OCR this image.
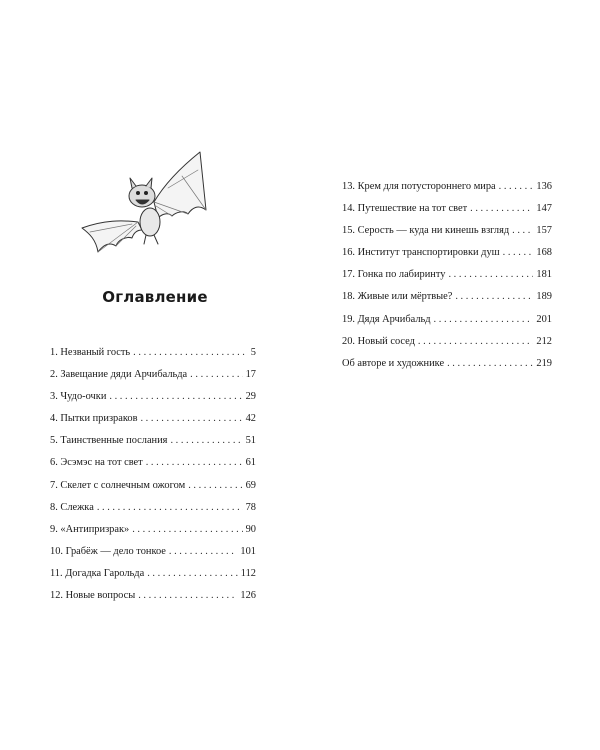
Оглавление
1. Незваный гость . . .	5
2. Завещание дяди Арчибальда . . .	17
3. Чудо-очки . . .	29
4. Пытки призраков . . .	42
5. Таинственные послания . . .	51
6. Эсэмэс на тот свет . . .	61
7. Скелет с солнечным ожогом . . .	69
8. Слежка . . .	78
9. «Антипризрак» . . .	90
10. Грабёж — дело тонкое . . .	101
11. Догадка Гарольда . . .	112
12. Новые вопросы . . .	126
13. Крем для потустороннего мира . . .	136
14. Путешествие на тот свет . . .	147
15. Серость — куда ни кинешь взгляд . . .	157
16. Институт транспортировки душ . . .	168
17. Гонка по лабиринту . . .	181
18. Живые или мёртвые? . . .	189
19. Дядя Арчибальд . . .	201
20. Новый сосед . . .	212
Об авторе и художнике . . .	219
